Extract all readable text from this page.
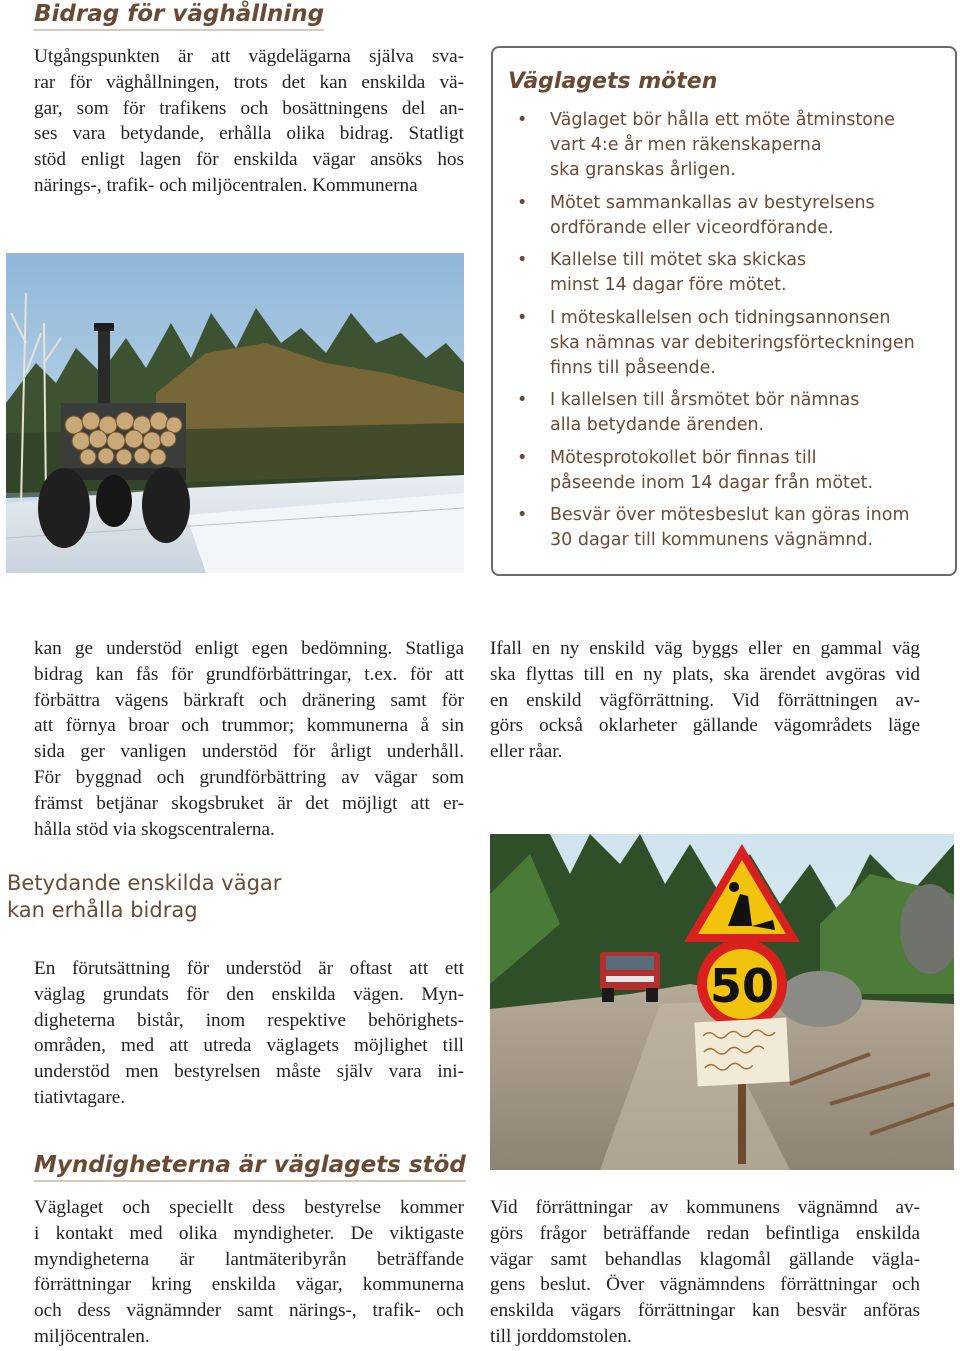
Bidrag för väghållning
Utgångspunkten är att vägdelägarna själva sva-
rar för väghållningen, trots det kan enskilda vä-
gar, som för trafikens och bosättningens del an-
ses vara betydande, erhålla olika bidrag. Statligt
stöd enligt lagen för enskilda vägar ansöks hos
närings-, trafik- och miljöcentralen. Kommunerna
Väglagets möten
• Väglaget bör hålla ett möte åtminstone
vart 4:e år men räkenskaperna
ska granskas årligen.
• Mötet sammankallas av bestyrelsens
ordförande eller viceordförande.
• Kallelse till mötet ska skickas
minst 14 dagar före mötet.
• I möteskallelsen och tidningsannonsen
ska nämnas var debiteringsförteckningen
finns till påseende.
• I kallelsen till årsmötet bör nämnas
alla betydande ärenden.
• Mötesprotokollet bör finnas till
påseende inom 14 dagar från mötet.
• Besvär över mötesbeslut kan göras inom
30 dagar till kommunens vägnämnd.
kan ge understöd enligt egen bedömning. Statliga
bidrag kan fås för grundförbättringar, t.ex. för att
förbättra vägens bärkraft och dränering samt för
att förnya broar och trummor; kommunerna å sin
sida ger vanligen understöd för årligt underhåll.
För byggnad och grundförbättring av vägar som
främst betjänar skogsbruket är det möjligt att er-
hålla stöd via skogscentralerna.
Ifall en ny enskild väg byggs eller en gammal väg
ska flyttas till en ny plats, ska ärendet avgöras vid
en enskild vägförrättning. Vid förrättningen av-
görs också oklarheter gällande vägområdets läge
eller råar.
Betydande enskilda vägar
kan erhålla bidrag
En förutsättning för understöd är oftast att ett
väglag grundats för den enskilda vägen. Myn-
digheterna bistår, inom respektive behörighets-
områden, med att utreda väglagets möjlighet till
understöd men bestyrelsen måste själv vara ini-
tiativtagare.
50
Myndigheterna är väglagets stöd
Väglaget och speciellt dess bestyrelse kommer
i kontakt med olika myndigheter. De viktigaste
myndigheterna är lantmäteribyrån beträffande
förrättningar kring enskilda vägar, kommunerna
och dess vägnämnder samt närings-, trafik- och
miljöcentralen.
Vid förrättningar av kommunens vägnämnd av-
görs frågor beträffande redan befintliga enskilda
vägar samt behandlas klagomål gällande vägla-
gens beslut. Över vägnämndens förrättningar och
enskilda vägars förrättningar kan besvär anföras
till jorddomstolen.
